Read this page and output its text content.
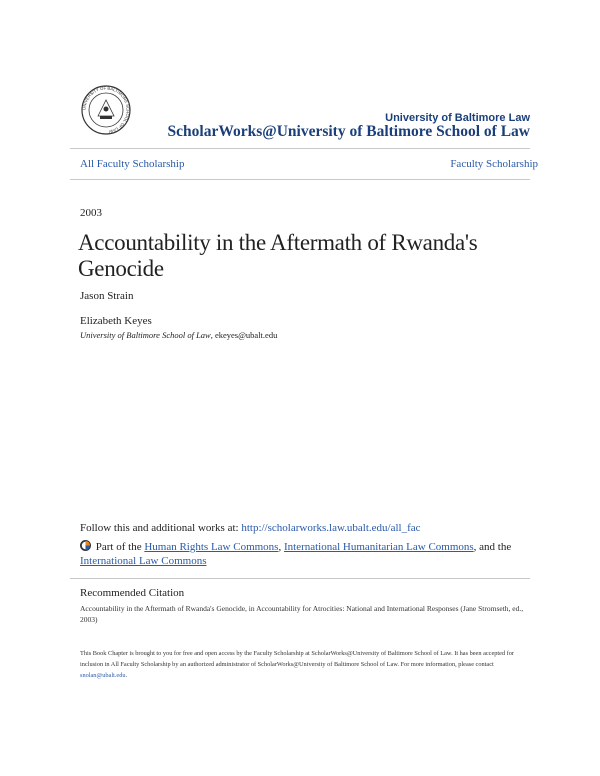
UNIVERSITY OF BALTIMORE SCHOOL OF LAW
University of Baltimore Law
ScholarWorks@University of Baltimore School of Law
All Faculty Scholarship	Faculty Scholarship
2003
Accountability in the Aftermath of Rwanda's Genocide
Jason Strain
Elizabeth Keyes
University of Baltimore School of Law, ekeyes@ubalt.edu
Follow this and additional works at: http://scholarworks.law.ubalt.edu/all_fac
Part of the Human Rights Law Commons, International Humanitarian Law Commons, and the International Law Commons
Recommended Citation
Accountability in the Aftermath of Rwanda's Genocide, in Accountability for Atrocities: National and International Responses (Jane Stromseth, ed., 2003)
This Book Chapter is brought to you for free and open access by the Faculty Scholarship at ScholarWorks@University of Baltimore School of Law. It has been accepted for inclusion in All Faculty Scholarship by an authorized administrator of ScholarWorks@University of Baltimore School of Law. For more information, please contact snolan@ubalt.edu.
